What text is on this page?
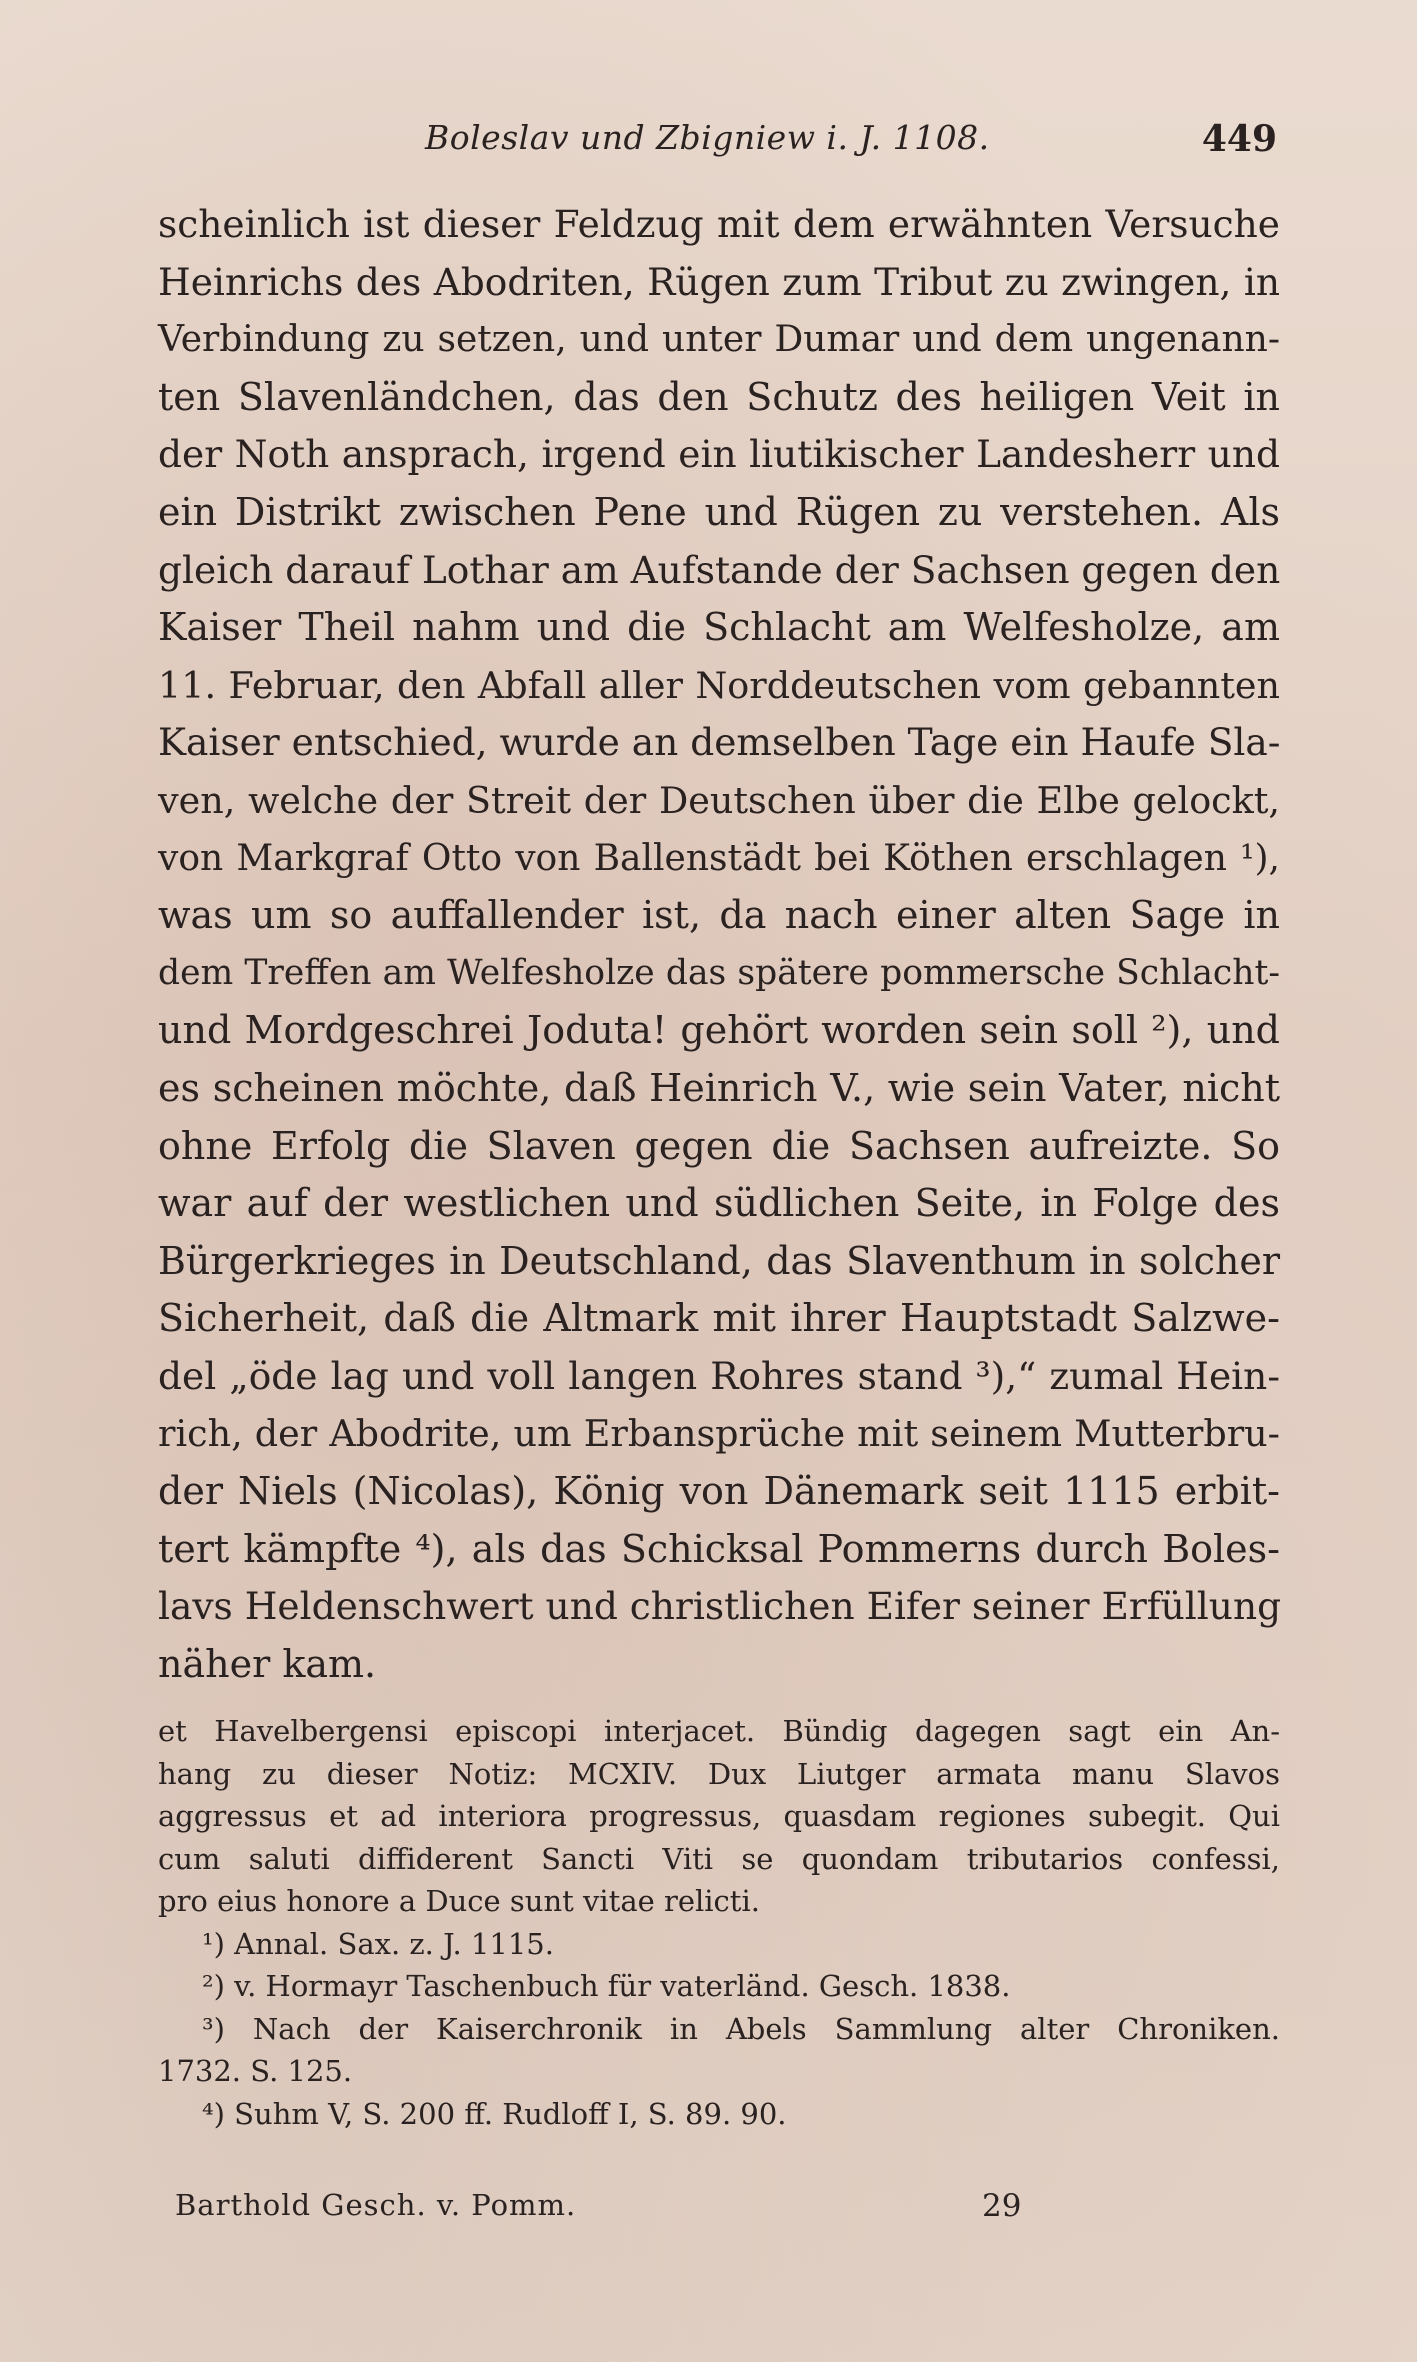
Boleslav und Zbigniew i. J. 1108.	449
scheinlich ist dieser Feldzug mit dem erwähnten Versuche
Heinrichs des Abodriten, Rügen zum Tribut zu zwingen, in
Verbindung zu setzen, und unter Dumar und dem ungenann-
ten Slavenländchen, das den Schutz des heiligen Veit in
der Noth ansprach, irgend ein liutikischer Landesherr und
ein Distrikt zwischen Pene und Rügen zu verstehen. Als
gleich darauf Lothar am Aufstande der Sachsen gegen den
Kaiser Theil nahm und die Schlacht am Welfesholze, am
11. Februar, den Abfall aller Norddeutschen vom gebannten
Kaiser entschied, wurde an demselben Tage ein Haufe Sla-
ven, welche der Streit der Deutschen über die Elbe gelockt,
von Markgraf Otto von Ballenstädt bei Köthen erschlagen ¹),
was um so auffallender ist, da nach einer alten Sage in
dem Treffen am Welfesholze das spätere pommersche Schlacht-
und Mordgeschrei Joduta! gehört worden sein soll ²), und
es scheinen möchte, daß Heinrich V., wie sein Vater, nicht
ohne Erfolg die Slaven gegen die Sachsen aufreizte. So
war auf der westlichen und südlichen Seite, in Folge des
Bürgerkrieges in Deutschland, das Slaventhum in solcher
Sicherheit, daß die Altmark mit ihrer Hauptstadt Salzwe-
del „öde lag und voll langen Rohres stand ³),“ zumal Hein-
rich, der Abodrite, um Erbansprüche mit seinem Mutterbru-
der Niels (Nicolas), König von Dänemark seit 1115 erbit-
tert kämpfte ⁴), als das Schicksal Pommerns durch Boles-
lavs Heldenschwert und christlichen Eifer seiner Erfüllung
näher kam.
et Havelbergensi episcopi interjacet. Bündig dagegen sagt ein An-
hang zu dieser Notiz: MCXIV. Dux Liutger armata manu Slavos
aggressus et ad interiora progressus, quasdam regiones subegit. Qui
cum saluti diffiderent Sancti Viti se quondam tributarios confessi,
pro eius honore a Duce sunt vitae relicti.
¹) Annal. Sax. z. J. 1115.
²) v. Hormayr Taschenbuch für vaterländ. Gesch. 1838.
³) Nach der Kaiserchronik in Abels Sammlung alter Chroniken.
1732. S. 125.
⁴) Suhm V, S. 200 ff. Rudloff I, S. 89. 90.
Barthold Gesch. v. Pomm.	29
